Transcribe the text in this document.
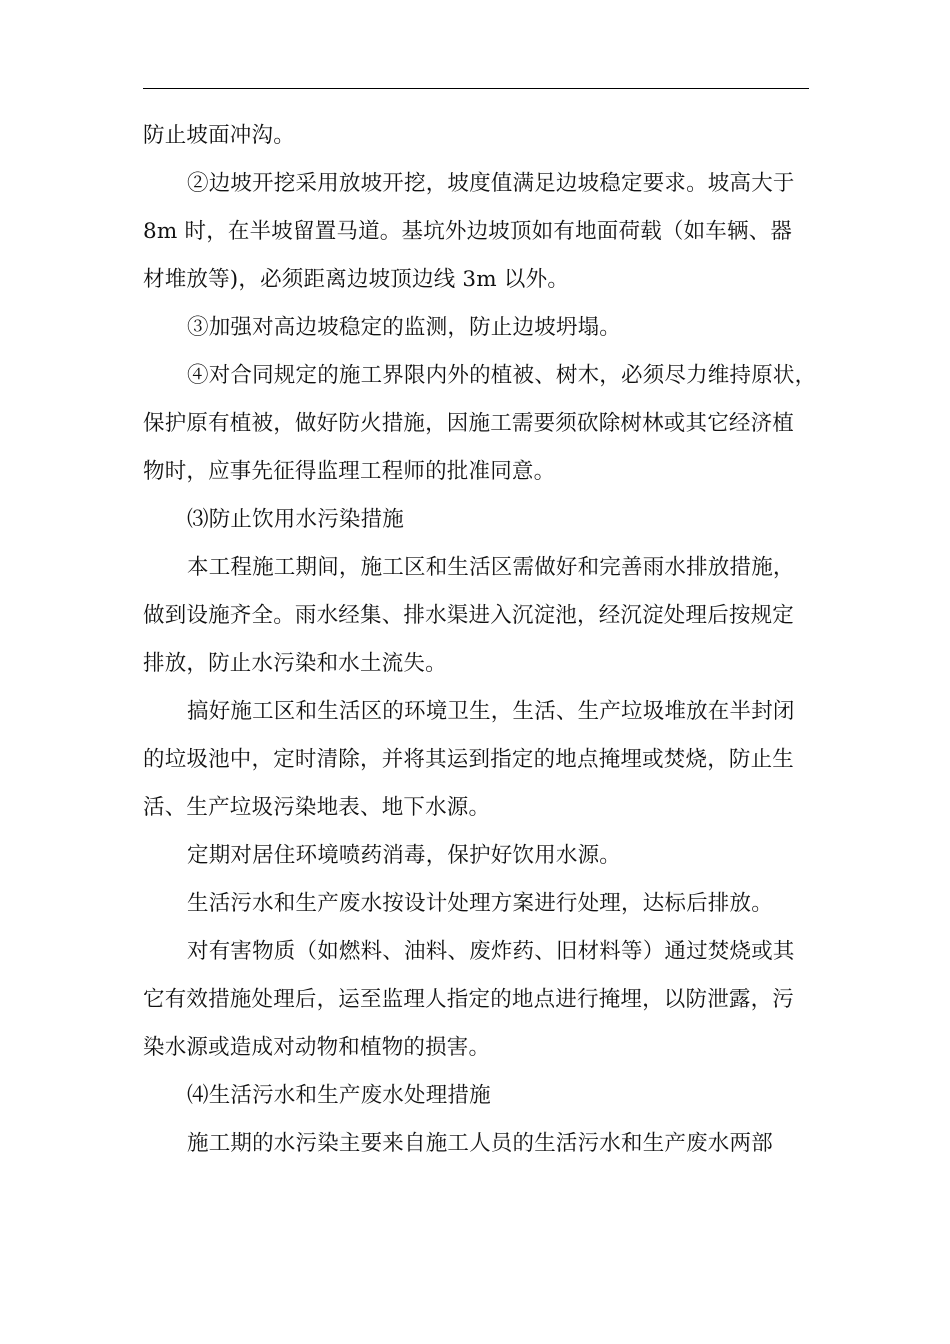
防止坡面冲沟。
②边坡开挖采用放坡开挖，坡度值满足边坡稳定要求。坡高大于
8m 时，在半坡留置马道。基坑外边坡顶如有地面荷载（如车辆、器
材堆放等)，必须距离边坡顶边线 3m 以外。
③加强对高边坡稳定的监测，防止边坡坍塌。
④对合同规定的施工界限内外的植被、树木，必须尽力维持原状，
保护原有植被，做好防火措施，因施工需要须砍除树林或其它经济植
物时，应事先征得监理工程师的批准同意。
⑶防止饮用水污染措施
本工程施工期间，施工区和生活区需做好和完善雨水排放措施，
做到设施齐全。雨水经集、排水渠进入沉淀池，经沉淀处理后按规定
排放，防止水污染和水土流失。
搞好施工区和生活区的环境卫生，生活、生产垃圾堆放在半封闭
的垃圾池中，定时清除，并将其运到指定的地点掩埋或焚烧，防止生
活、生产垃圾污染地表、地下水源。
定期对居住环境喷药消毒，保护好饮用水源。
生活污水和生产废水按设计处理方案进行处理，达标后排放。
对有害物质（如燃料、油料、废炸药、旧材料等）通过焚烧或其
它有效措施处理后，运至监理人指定的地点进行掩埋，以防泄露，污
染水源或造成对动物和植物的损害。
⑷生活污水和生产废水处理措施
施工期的水污染主要来自施工人员的生活污水和生产废水两部
